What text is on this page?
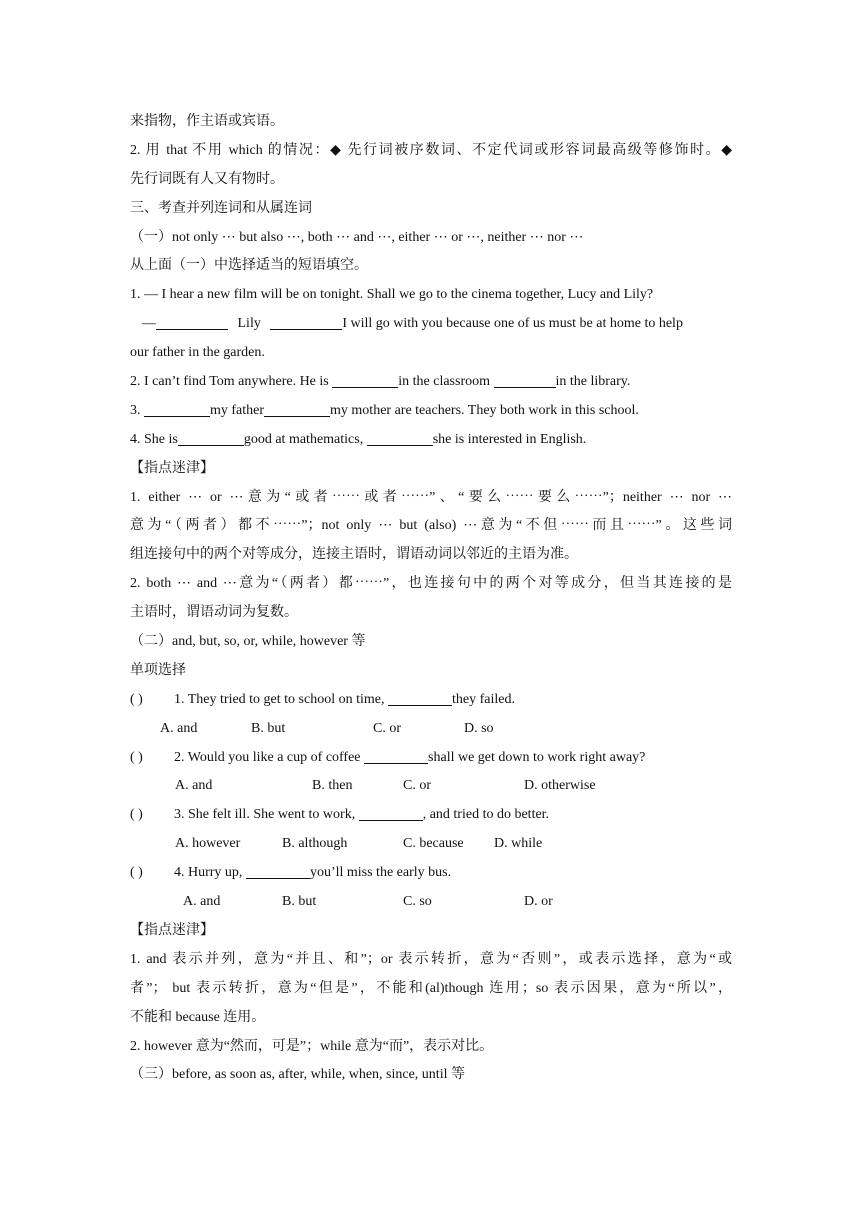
来指物，作主语或宾语。
2. 用 that 不用 which 的情况：◆ 先行词被序数词、不定代词或形容词最高级等修饰时。◆
先行词既有人又有物时。
三、考查并列连词和从属连词
（一）not only ⋯ but also ⋯, both ⋯ and ⋯, either ⋯ or ⋯, neither ⋯ nor ⋯
从上面（一）中选择适当的短语填空。
1. — I hear a new film will be on tonight. Shall we go to the cinema together, Lucy and Lily?
—	Lily	I will go with you because one of us must be at home to help
our father in the garden.
2. I can’t find Tom anywhere. He is	in the classroom	in the library.
3.	my father	my mother are teachers. They both work in this school.
4. She is	good at mathematics,	she is interested in English.
【指点迷津】
1. either ⋯ or ⋯意为“或者⋯⋯或者⋯⋯”、“要么⋯⋯要么⋯⋯”；neither ⋯ nor ⋯
意为“（两者）都不⋯⋯”；not only ⋯ but (also) ⋯意为“不但⋯⋯而且⋯⋯”。这些词
组连接句中的两个对等成分，连接主语时，谓语动词以邻近的主语为准。
2. both ⋯ and ⋯意为“（两者）都⋯⋯”，也连接句中的两个对等成分，但当其连接的是
主语时，谓语动词为复数。
（二）and, but, so, or, while, however 等
单项选择
( ) 1. They tried to get to school on time,	they failed.
A. and	B. but	C. or	D. so
( ) 2. Would you like a cup of coffee	shall we get down to work right away?
A. and	B. then	C. or	D. otherwise
( ) 3. She felt ill. She went to work,	, and tried to do better.
A. however	B. although	C. because D. while
( ) 4. Hurry up,	you’ll miss the early bus.
A. and	B. but	C. so	D. or
【指点迷津】
1. and 表示并列，意为“并且、和”；or 表示转折，意为“否则”，或表示选择，意为“或
者”； but 表示转折，意为“但是”，不能和(al)though 连用；so 表示因果，意为“所以”，
不能和 because 连用。
2. however 意为“然而，可是”；while 意为“而”，表示对比。
（三）before, as soon as, after, while, when, since, until 等
